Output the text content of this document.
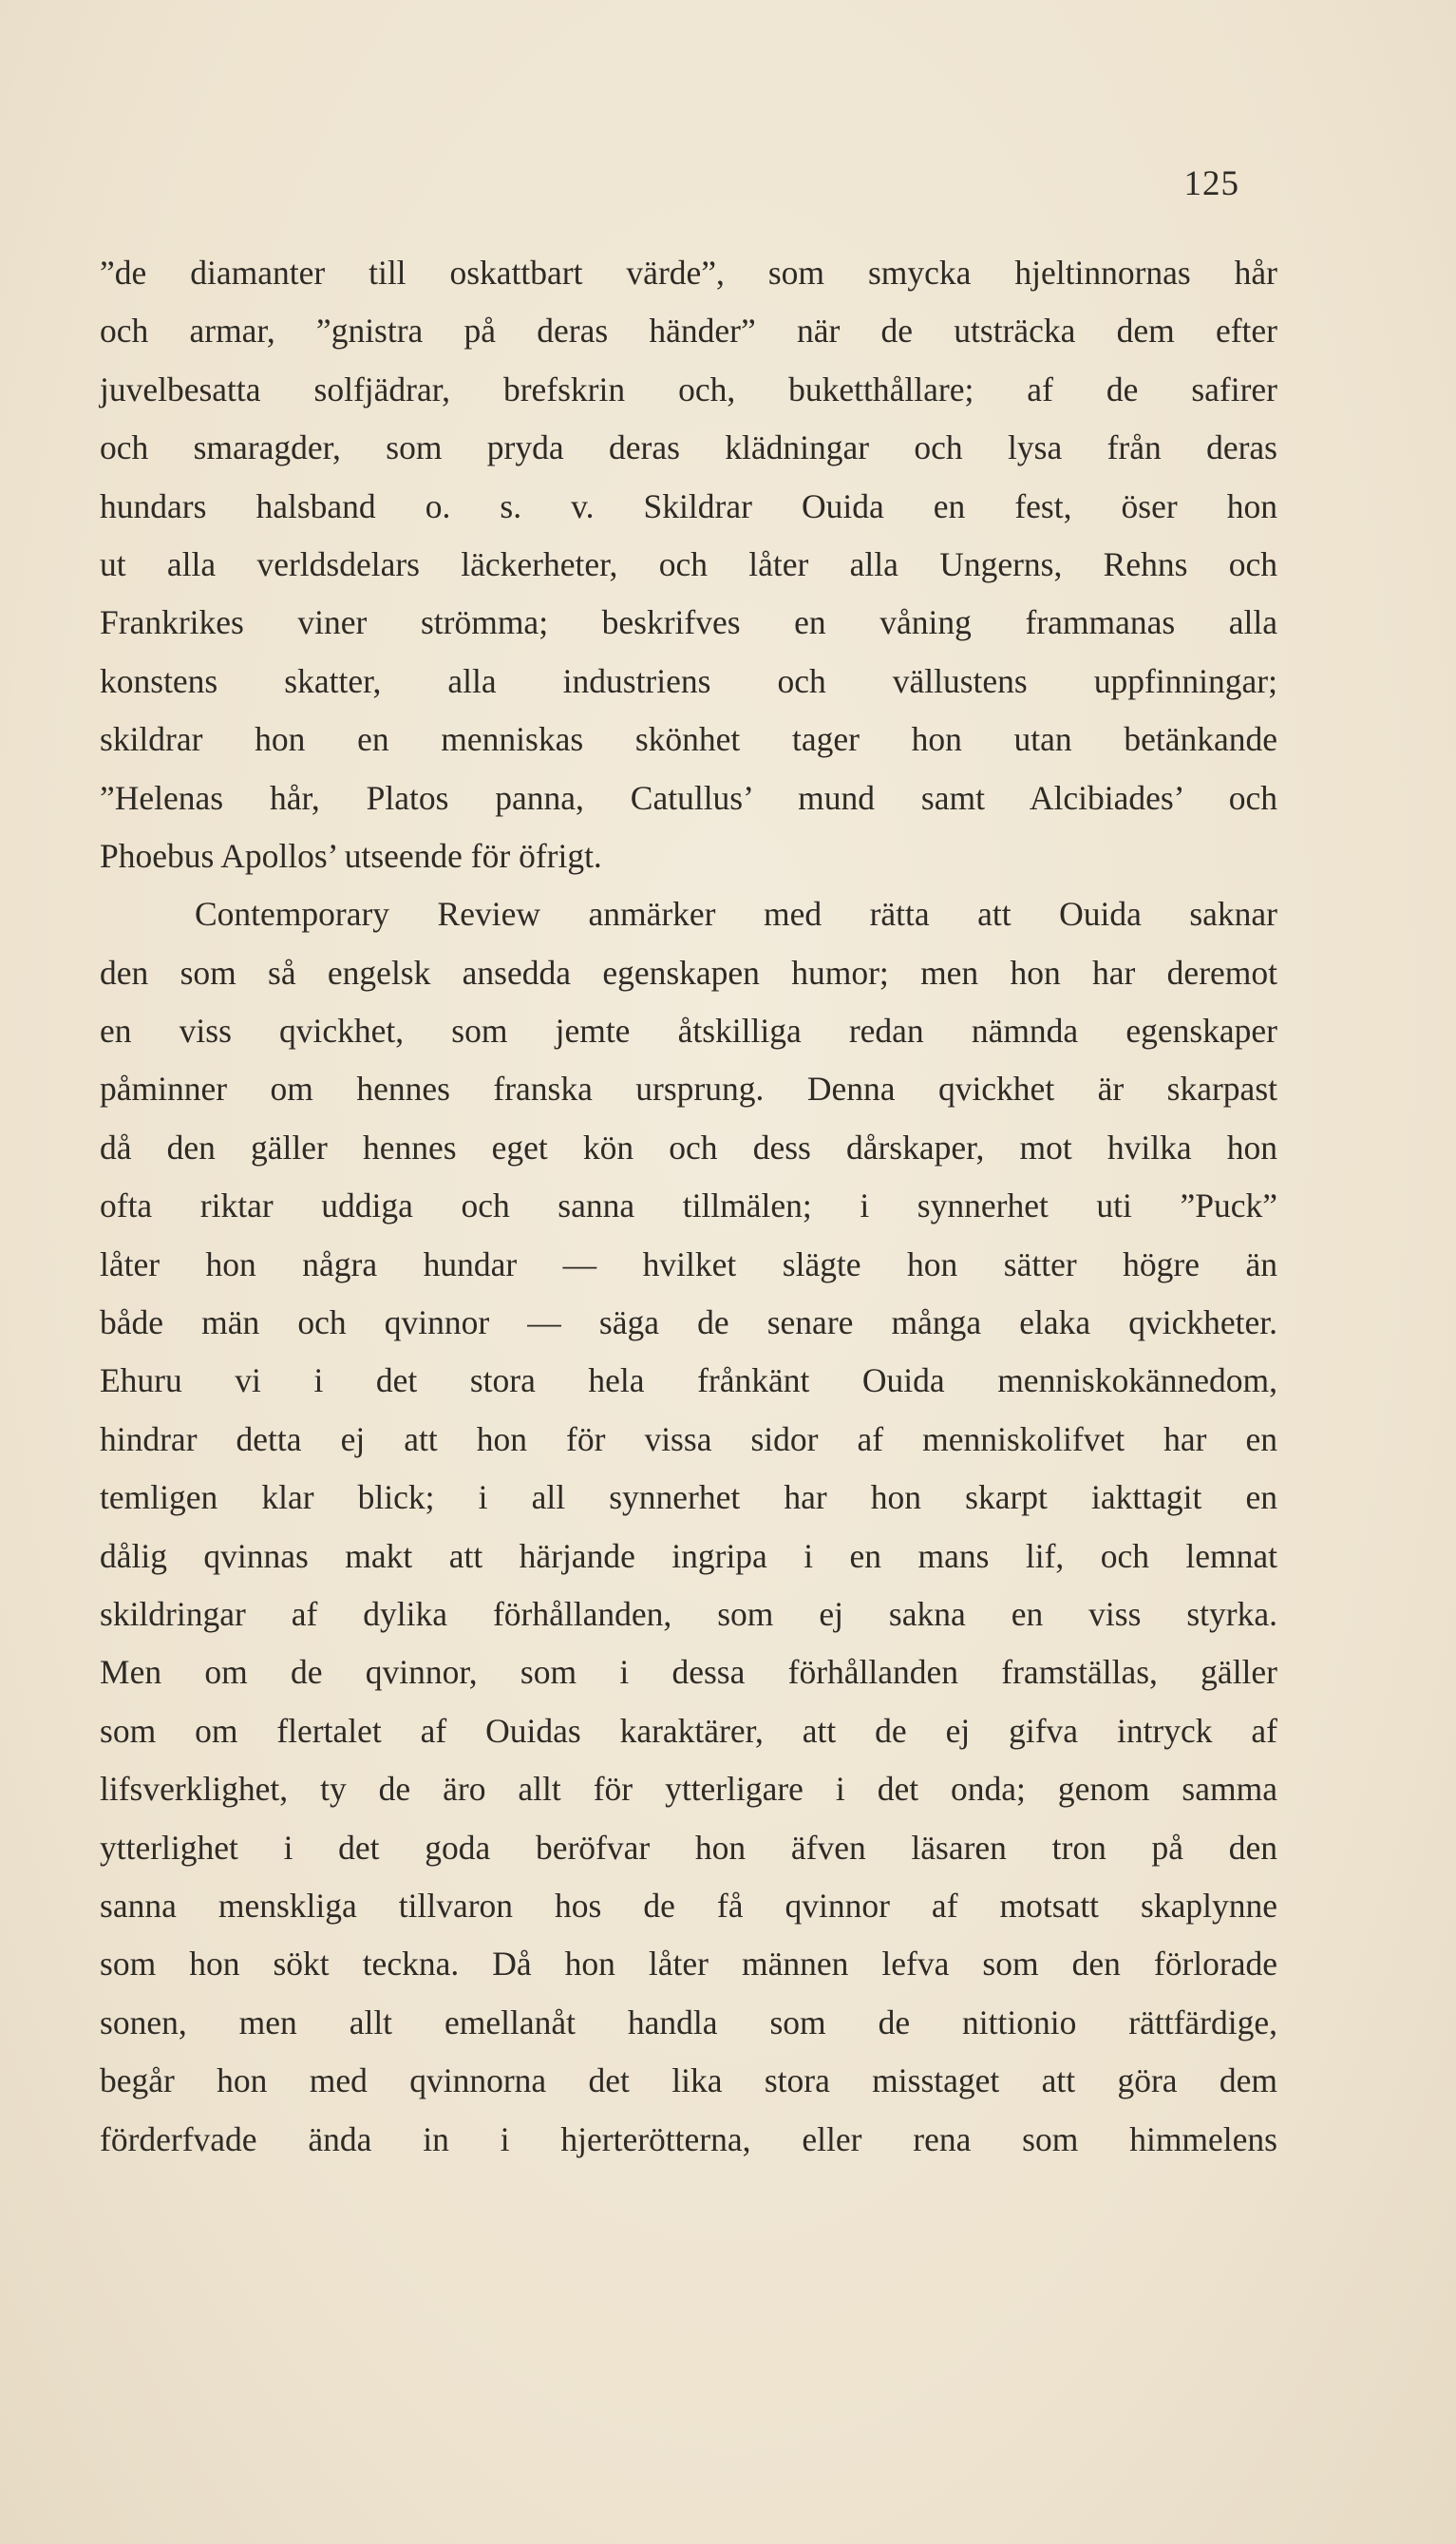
125
”de diamanter till oskattbart värde”, som smycka hjeltinnornas hår
och armar, ”gnistra på deras händer” när de utsträcka dem efter
juvelbesatta solfjädrar, brefskrin och, buketthållare; af de safirer
och smaragder, som pryda deras klädningar och lysa från deras
hundars halsband o. s. v. Skildrar Ouida en fest, öser hon
ut alla verldsdelars läckerheter, och låter alla Ungerns, Rehns och
Frankrikes viner strömma; beskrifves en våning frammanas alla
konstens skatter, alla industriens och vällustens uppfinningar;
skildrar hon en menniskas skönhet tager hon utan betänkande
”Helenas hår, Platos panna, Catullus’ mund samt Alcibiades’ och
Phoebus Apollos’ utseende för öfrigt.
Contemporary Review anmärker med rätta att Ouida saknar
den som så engelsk ansedda egenskapen humor; men hon har deremot
en viss qvickhet, som jemte åtskilliga redan nämnda egenskaper
påminner om hennes franska ursprung. Denna qvickhet är skarpast
då den gäller hennes eget kön och dess dårskaper, mot hvilka hon
ofta riktar uddiga och sanna tillmälen; i synnerhet uti ”Puck”
låter hon några hundar — hvilket slägte hon sätter högre än
både män och qvinnor — säga de senare många elaka qvickheter.
Ehuru vi i det stora hela frånkänt Ouida menniskokännedom,
hindrar detta ej att hon för vissa sidor af menniskolifvet har en
temligen klar blick; i all synnerhet har hon skarpt iakttagit en
dålig qvinnas makt att härjande ingripa i en mans lif, och lemnat
skildringar af dylika förhållanden, som ej sakna en viss styrka.
Men om de qvinnor, som i dessa förhållanden framställas, gäller
som om flertalet af Ouidas karaktärer, att de ej gifva intryck af
lifsverklighet, ty de äro allt för ytterligare i det onda; genom samma
ytterlighet i det goda beröfvar hon äfven läsaren tron på den
sanna menskliga tillvaron hos de få qvinnor af motsatt skaplynne
som hon sökt teckna. Då hon låter männen lefva som den förlorade
sonen, men allt emellanåt handla som de nittionio rättfärdige,
begår hon med qvinnorna det lika stora misstaget att göra dem
förderfvade ända in i hjerterötterna, eller rena som himmelens
